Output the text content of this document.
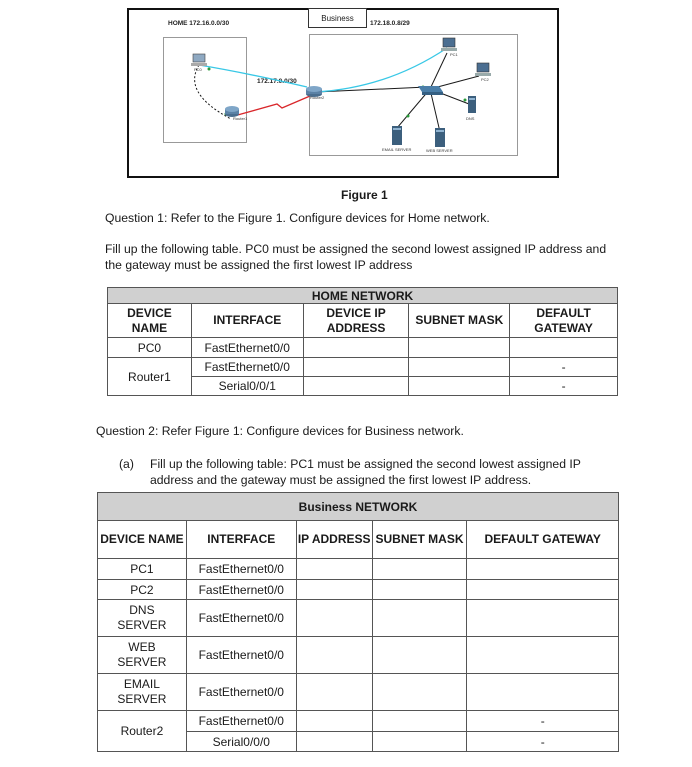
HOME 172.16.0.0/30	172.18.0.8/29
Business
172.17.0.0/30
PC0
Router1
Router2
PC1
PC2
DNS
EMAIL SERVER	WEB SERVER
Figure 1
Question 1: Refer to the Figure 1. Configure devices for Home network.
Fill up the following table. PC0 must be assigned the second lowest assigned IP address and
the gateway must be assigned the first lowest IP address
HOME NETWORK				
DEVICE NAME	INTERFACE	DEVICE IP ADDRESS	SUBNET MASK	DEFAULT GATEWAY
PC0	FastEthernet0/0			
Router1	FastEthernet0/0			-
	Serial0/0/1			-
Question 2: Refer Figure 1: Configure devices for Business network.
(a) Fill up the following table: PC1 must be assigned the second lowest assigned IP
address and the gateway must be assigned the first lowest IP address.
Business NETWORK				
DEVICE NAME	INTERFACE	IP ADDRESS	SUBNET MASK	DEFAULT GATEWAY
PC1	FastEthernet0/0			
PC2	FastEthernet0/0			

DNS SERVER	FastEthernet0/0			

WEB SERVER	FastEthernet0/0			

EMAIL SERVER	FastEthernet0/0			
Router2	FastEthernet0/0			-
	Serial0/0/0			-
